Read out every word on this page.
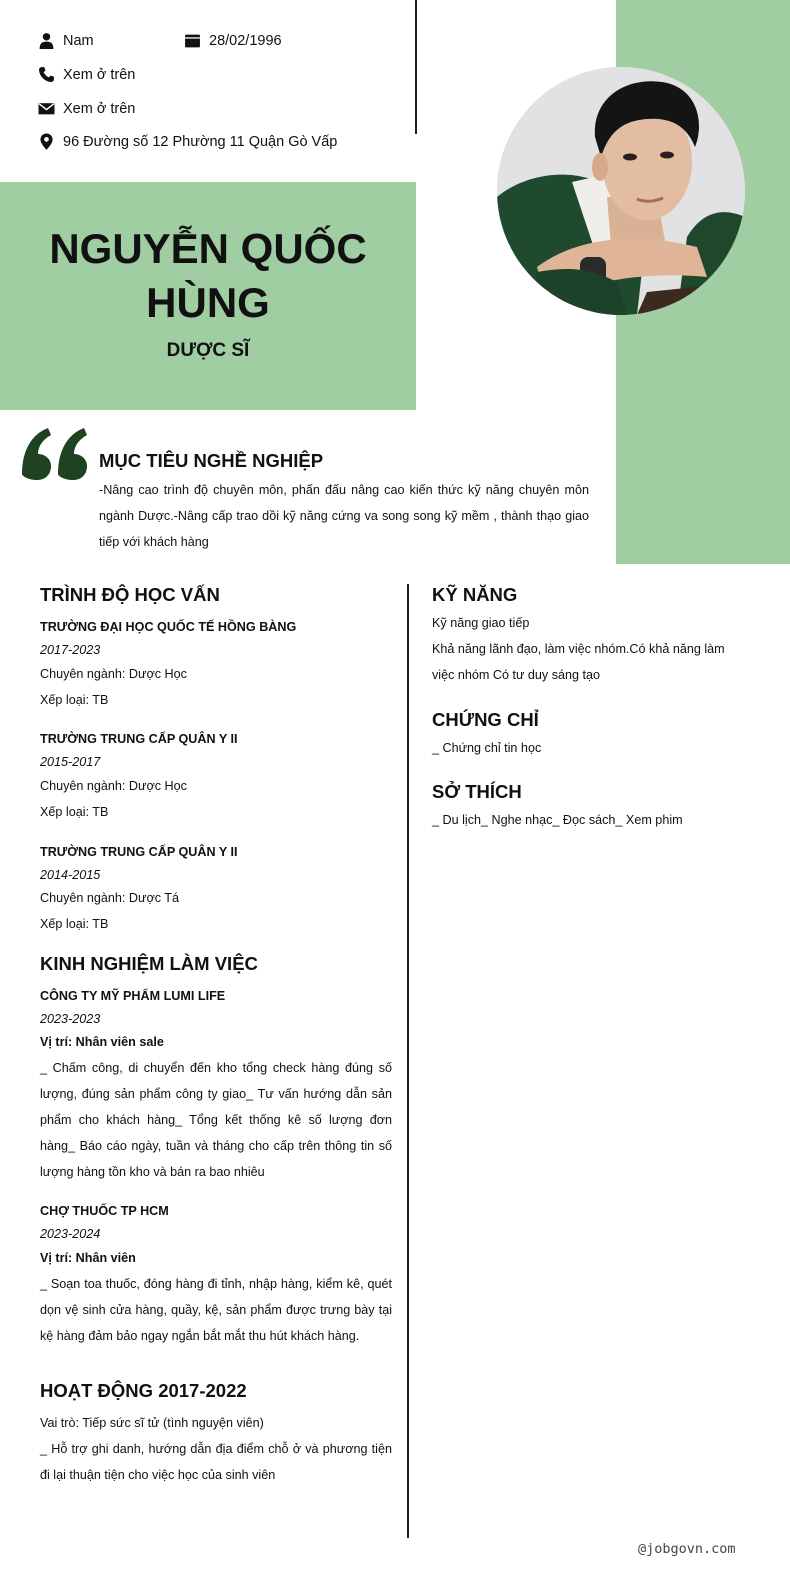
Nam	28/02/1996
Xem ở trên
Xem ở trên
96 Đường số 12 Phường 11 Quận Gò Vấp
NGUYỄN QUỐC
HÙNG
DƯỢC SĨ
MỤC TIÊU NGHỀ NGHIỆP
-Nâng cao trình độ chuyên môn, phấn đấu nâng cao kiến thức kỹ năng chuyên môn ngành Dược.-Nâng cấp trao dồi kỹ năng cứng va song song kỹ mềm , thành thạo giao tiếp với khách hàng
TRÌNH ĐỘ HỌC VẤN
TRƯỜNG ĐẠI HỌC QUỐC TẾ HỒNG BÀNG
2017-2023
Chuyên ngành: Dược Học
Xếp loại: TB
TRƯỜNG TRUNG CẤP QUÂN Y II
2015-2017
Chuyên ngành: Dược Học
Xếp loại: TB
TRƯỜNG TRUNG CẤP QUÂN Y II
2014-2015
Chuyên ngành: Dược Tá
Xếp loại: TB
KINH NGHIỆM LÀM VIỆC
CÔNG TY MỸ PHẨM LUMI LIFE
2023-2023
Vị trí: Nhân viên sale
_ Chấm công, di chuyển đến kho tổng check hàng đúng số lượng, đúng sản phẩm công ty giao_ Tư vấn hướng dẫn sản phẩm cho khách hàng_ Tổng kết thống kê số lượng đơn hàng_ Báo cáo ngày, tuần và tháng cho cấp trên thông tin số lượng hàng tồn kho và bán ra bao nhiêu
CHỢ THUỐC TP HCM
2023-2024
Vị trí: Nhân viên
_ Soạn toa thuốc, đóng hàng đi tỉnh, nhập hàng, kiểm kê, quét dọn vệ sinh cửa hàng, quầy, kệ, sản phẩm được trưng bày tại kệ hàng đảm bảo ngay ngắn bắt mắt thu hút khách hàng.
HOẠT ĐỘNG 2017-2022
Vai trò: Tiếp sức sĩ tử (tình nguyện viên)
_ Hỗ trợ ghi danh, hướng dẫn địa điểm chỗ ở và phương tiện đi lại thuận tiện cho việc học của sinh viên
KỸ NĂNG
Kỹ năng giao tiếp
Khả năng lãnh đạo, làm việc nhóm.Có khả năng làm việc nhóm Có tư duy sáng tạo
CHỨNG CHỈ
_ Chứng chỉ tin học
SỞ THÍCH
_ Du lịch_ Nghe nhạc_ Đọc sách_ Xem phim
@jobgovn.com
